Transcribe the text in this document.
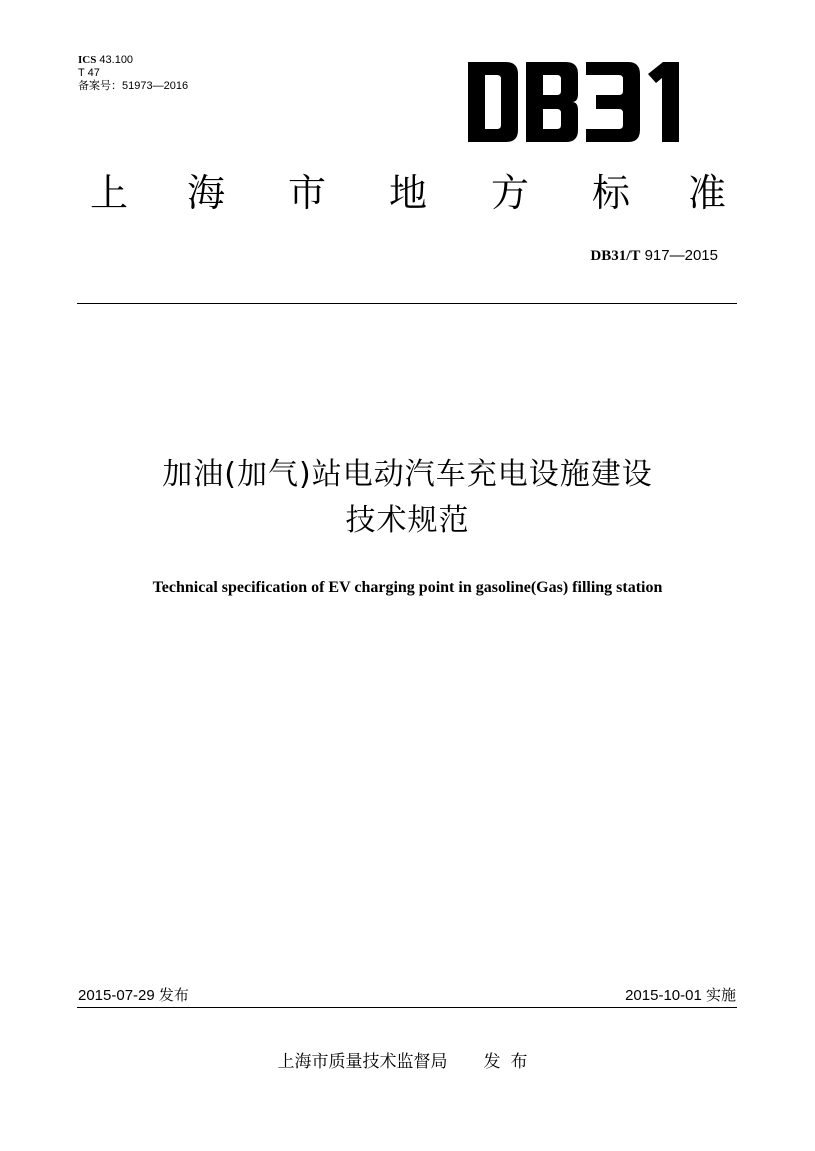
ICS 43.100
T 47
备案号：51973—2016
上 海 市 地 方 标 准
DB31/T 917—2015
加油(加气)站电动汽车充电设施建设
技术规范
Technical specification of EV charging point in gasoline(Gas) filling station
2015-07-29 发布	2015-10-01 实施
上海市质量技术监督局 发布
